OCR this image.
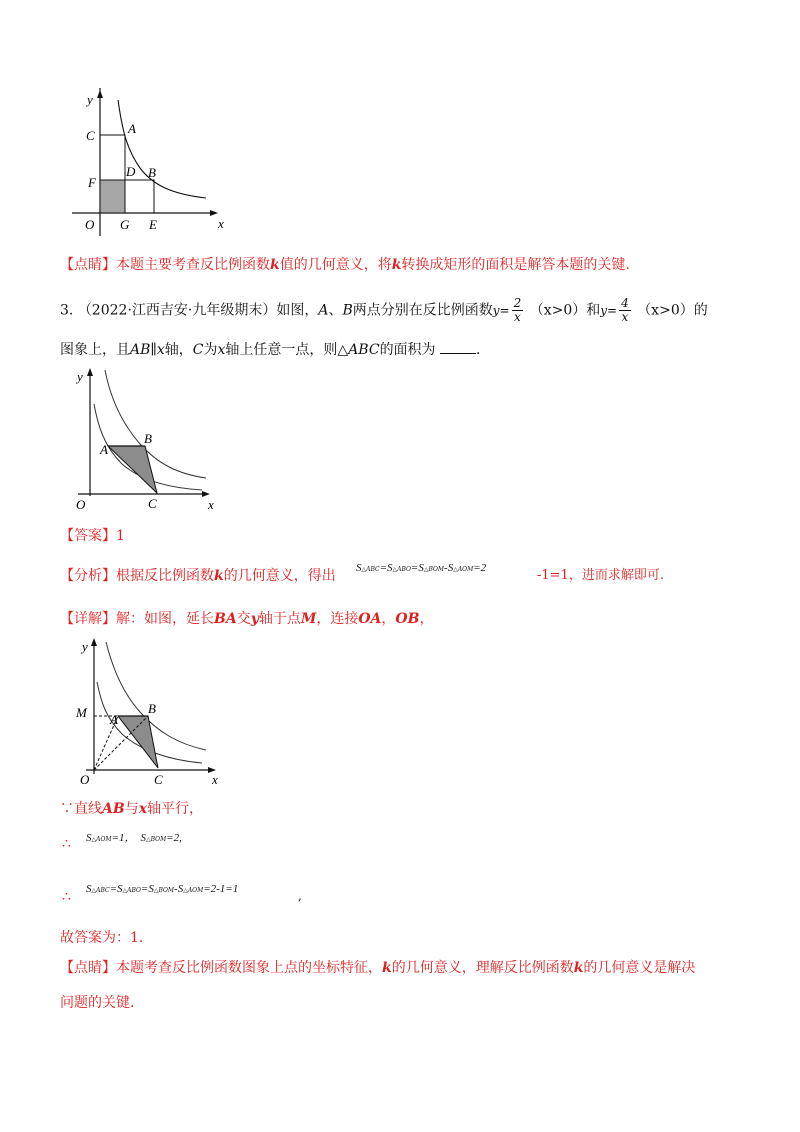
y
C	A
F
D B
O G E	x
【点睛】本题主要考查反比例函数k值的几何意义，将k转换成矩形的面积是解答本题的关键.
3. （2022·江西吉安·九年级期末）如图，A、B两点分别在反比例函数$y= \frac{2}{x} (x>0)$和$y= \frac{4}{x} (x>0)$的
图象上，且AB∥x轴，C为x轴上任意一点，则△ABC的面积为	.
y
B
A
O	C	x
【答案】1
【分析】根据反比例函数k的几何意义，得出 S△ABC=S△ABO=S△BOM-S△AOM=2	-1=1，进而求解即可.
【详解】解：如图，延长BA交y轴于点M，连接OA，OB，
y
M	B
A
O	C	x
∵直线AB与x轴平行，
∴ S△AOM=1， S△BOM=2,
∴ S△ABC=S△ABO=S△BOM-S△AOM=2-1=1	,
故答案为：1.
【点睛】本题考查反比例函数图象上点的坐标特征，k的几何意义，理解反比例函数k的几何意义是解决
问题的关键.
